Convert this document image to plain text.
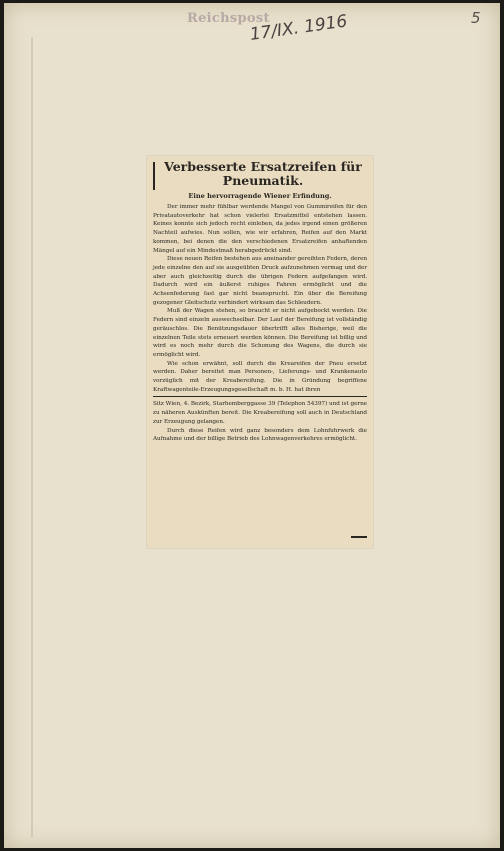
Reichspost
17/IX. 1916	5
Verbesserte Ersatzreifen für Pneumatik.
Eine hervorragende Wiener Erfindung.

Der immer mehr fühlbar werdende Mangel von Gummireifen für den Privatautoverkehr hat schon vielerlei Ersatzmittel entstehen lassen. Keines konnte sich jedoch recht einleben, da jedes irgend einen größeren Nachteil aufwies. Nun sollen, wie wir erfahren, Reifen auf den Markt kommen, bei denen die den verschiedenen Ersatzreifen anhaftenden Mängel auf ein Mindestmaß herabgedrückt sind.

Diese neuen Reifen bestehen aus aneinander gereihten Federn, deren jede einzelne den auf sie ausgeübten Druck aufzunehmen vermag und der aber auch gleichzeitig durch die übrigen Federn aufgefangen wird. Dadurch wird ein äußerst ruhiges Fahren ermöglicht und die Achsenfederung fast gar nicht beansprucht. Ein über die Bereifung gezogener Gleitschutz verhindert wirksam das Schleudern.

Muß der Wagen stehen, so braucht er nicht aufgebockt werden. Die Federn sind einzeln auswechselbar. Der Lauf der Bereifung ist vollständig geräuschlos. Die Benützungsdauer übertrifft alles Bisherige, weil die einzelnen Teile stets erneuert werden können. Die Bereifung ist billig und wird es noch mehr durch die Schonung des Wagens, die durch sie ermöglicht wird.

Wie schon erwähnt, soll durch die Kreareifen der Pneu ersetzt werden. Daher bereitet man Personen-, Lieferungs- und Krankenauto vorzüglich mit der Kreabereifung. Die in Gründung begriffene Kraftwagenteile-Erzeugungsgesellschaft m. b. H. hat ihren

Sitz Wien, 4. Bezirk, Starhemberggasse 39 (Telephon 54397) und ist gerne zu näheren Auskünften bereit. Die Kreabereifung soll auch in Deutschland zur Erzeugung gelangen.

Durch diese Reifen wird ganz besonders dem Lohnfuhrwerk die Aufnahme und der billige Betrieb des Lohnwagenverkehres ermöglicht.
